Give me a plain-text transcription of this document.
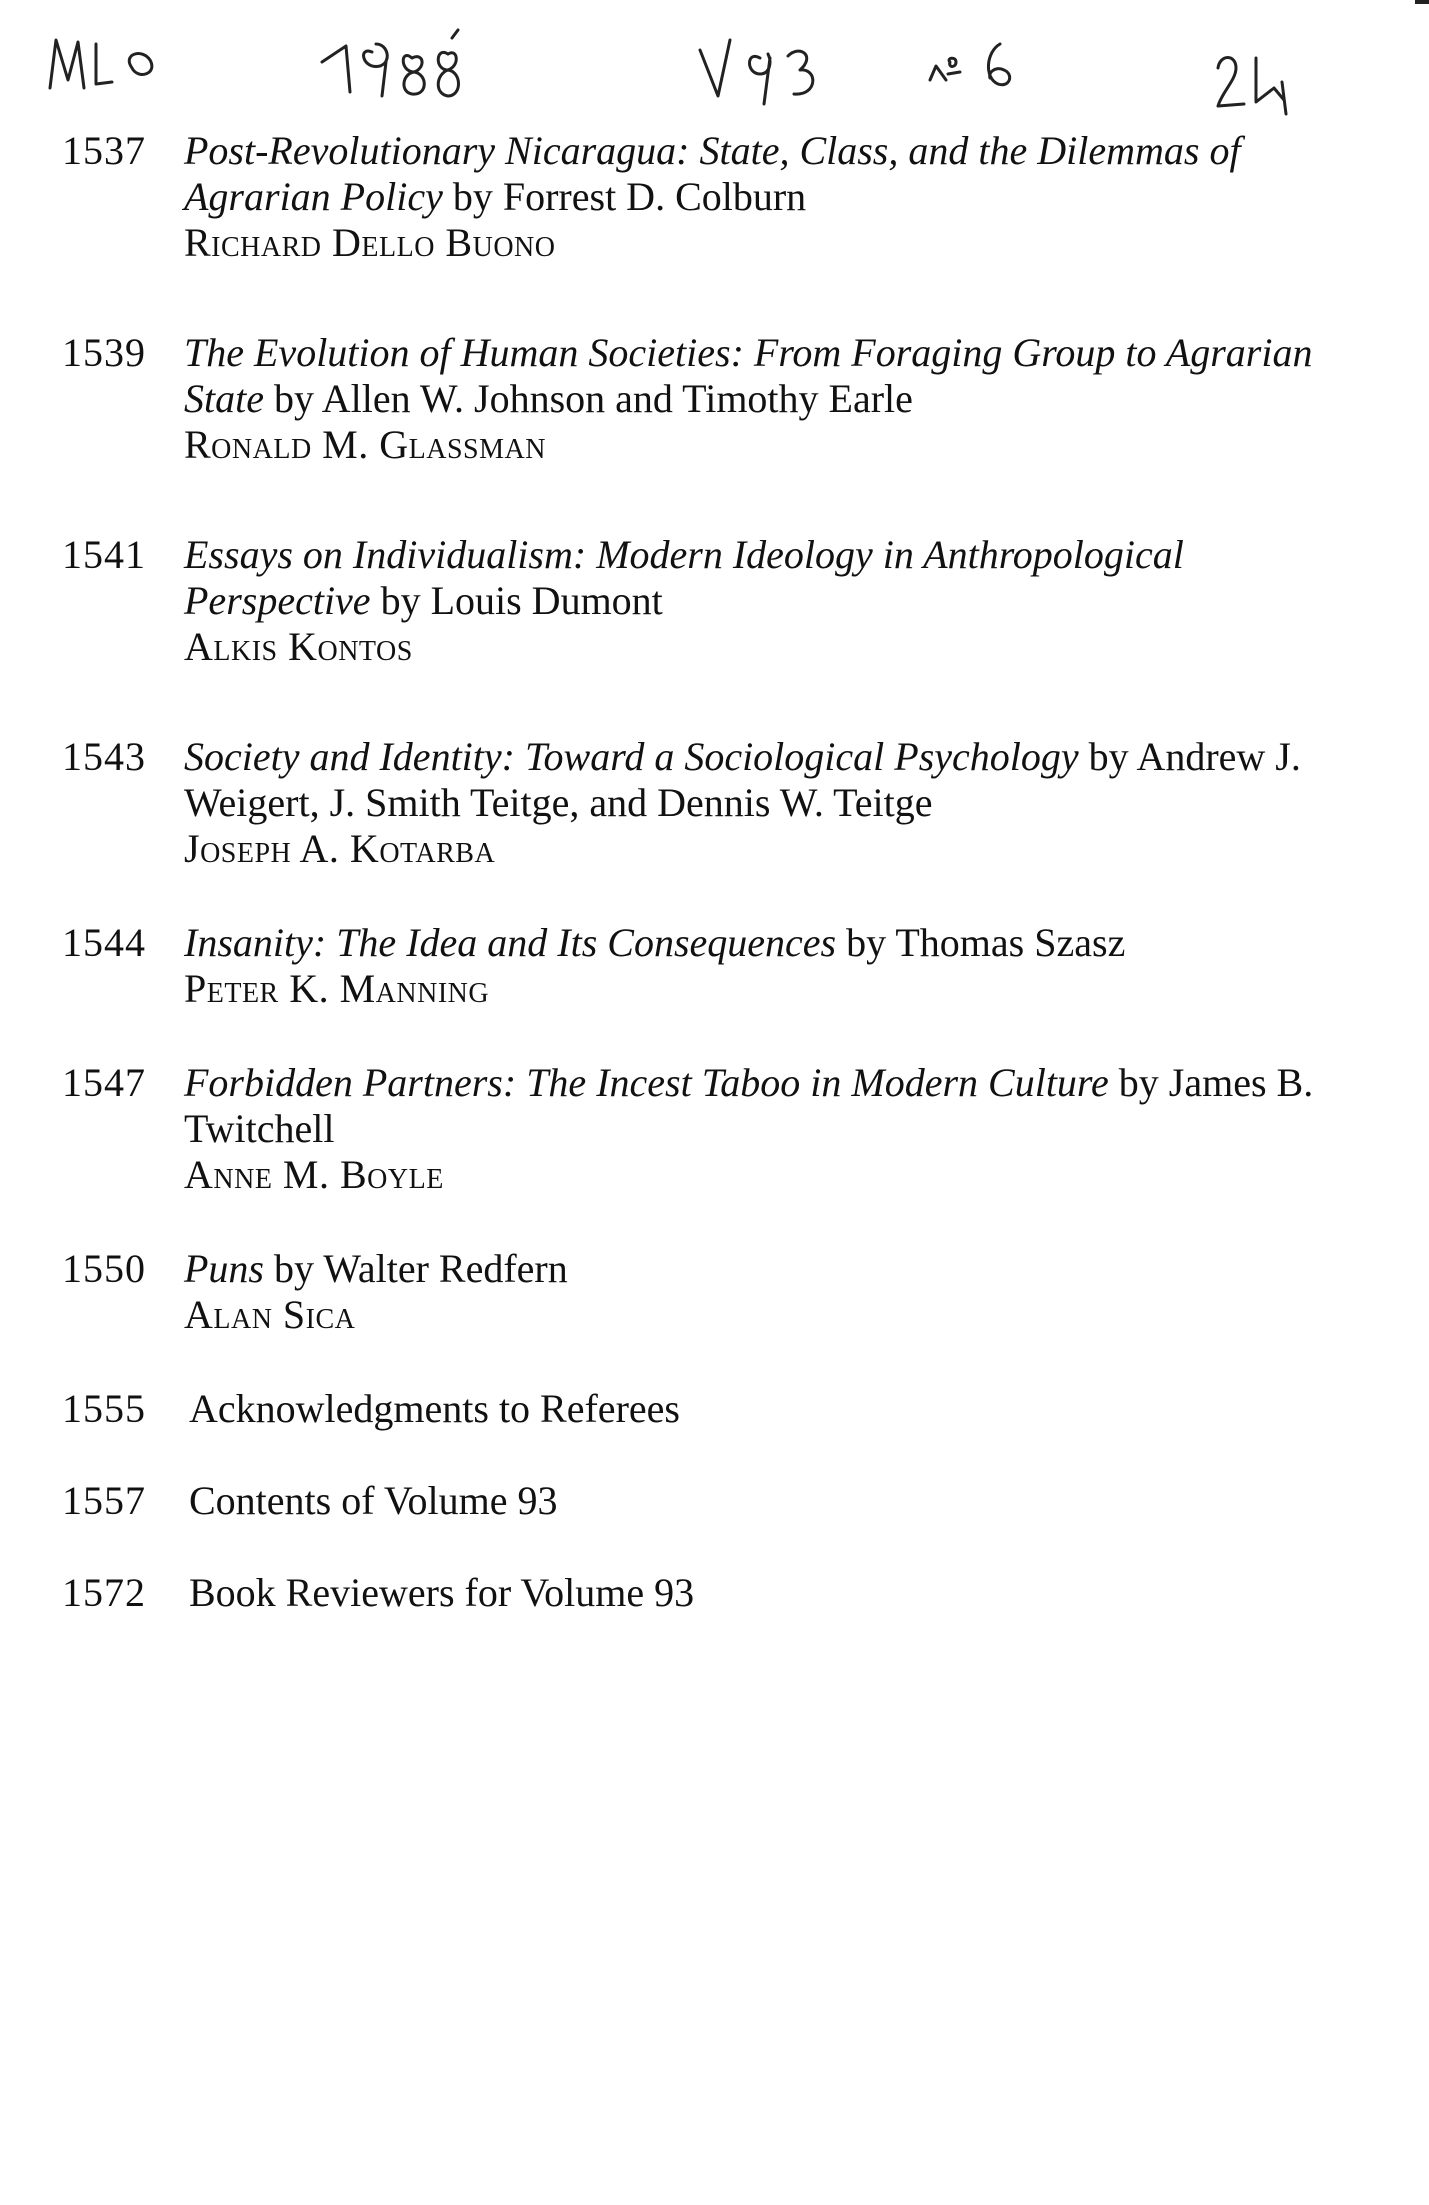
1537 Post-Revolutionary Nicaragua: State, Class, and the Dilemmas of Agrarian Policy by Forrest D. Colburn
Richard Dello Buono
1539 The Evolution of Human Societies: From Foraging Group to Agrarian State by Allen W. Johnson and Timothy Earle
Ronald M. Glassman
1541 Essays on Individualism: Modern Ideology in Anthropological Perspective by Louis Dumont
Alkis Kontos
1543 Society and Identity: Toward a Sociological Psychology by Andrew J. Weigert, J. Smith Teitge, and Dennis W. Teitge
Joseph A. Kotarba
1544 Insanity: The Idea and Its Consequences by Thomas Szasz
Peter K. Manning
1547 Forbidden Partners: The Incest Taboo in Modern Culture by James B. Twitchell
Anne M. Boyle
1550 Puns by Walter Redfern
Alan Sica
1555	Acknowledgments to Referees
1557	Contents of Volume 93
1572	Book Reviewers for Volume 93
